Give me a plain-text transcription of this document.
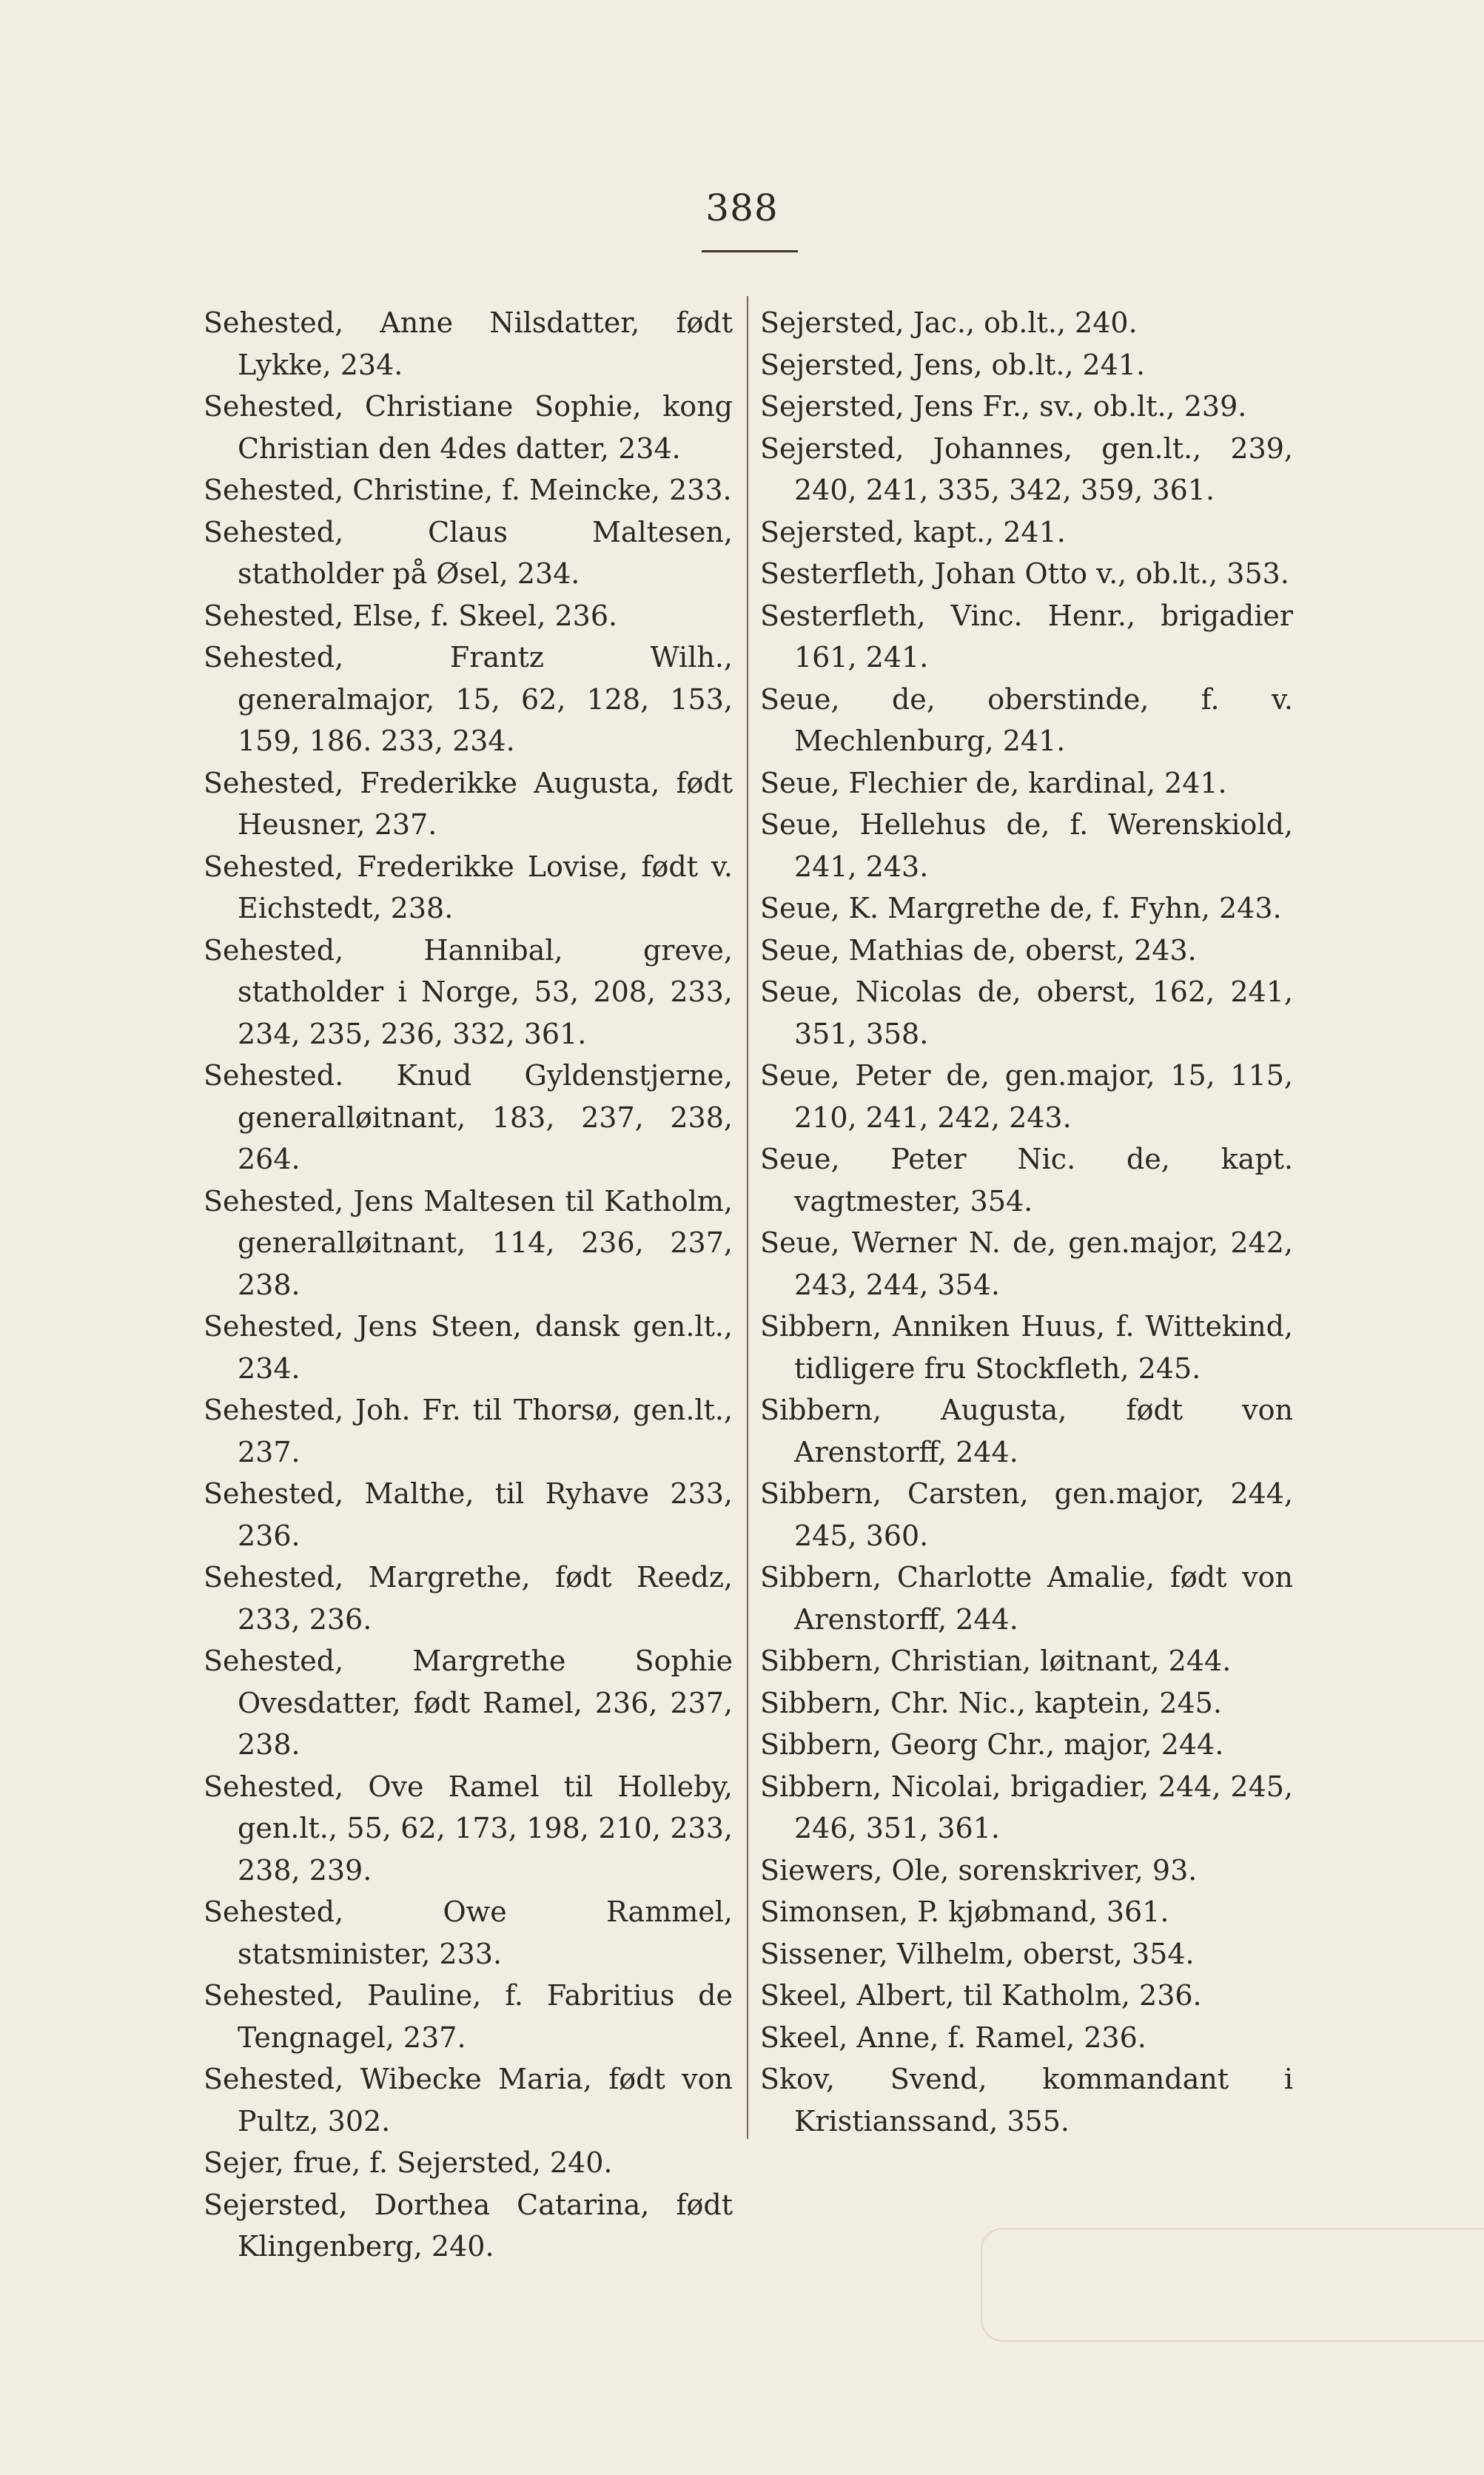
388

Sehested, Anne Nilsdatter, født Lykke, 234.

Sehested, Christiane Sophie, kong Christian den 4des datter, 234.

Sehested, Christine, f. Meincke, 233.

Sehested, Claus Maltesen, statholder på Øsel, 234.

Sehested, Else, f. Skeel, 236.

Sehested, Frantz Wilh., generalmajor, 15, 62, 128, 153, 159, 186. 233, 234.

Sehested, Frederikke Augusta, født Heusner, 237.

Sehested, Frederikke Lovise, født v. Eichstedt, 238.

Sehested, Hannibal, greve, statholder i Norge, 53, 208, 233, 234, 235, 236, 332, 361.

Sehested. Knud Gyldenstjerne, generalløitnant, 183, 237, 238, 264.

Sehested, Jens Maltesen til Katholm, generalløitnant, 114, 236, 237, 238.

Sehested, Jens Steen, dansk gen.lt., 234.

Sehested, Joh. Fr. til Thorsø, gen.lt., 237.

Sehested, Malthe, til Ryhave 233, 236.

Sehested, Margrethe, født Reedz, 233, 236.

Sehested, Margrethe Sophie Ovesdatter, født Ramel, 236, 237, 238.

Sehested, Ove Ramel til Holleby, gen.lt., 55, 62, 173, 198, 210, 233, 238, 239.

Sehested, Owe Rammel, statsminister, 233.

Sehested, Pauline, f. Fabritius de Tengnagel, 237.

Sehested, Wibecke Maria, født von Pultz, 302.

Sejer, frue, f. Sejersted, 240.

Sejersted, Dorthea Catarina, født Klingenberg, 240.

Sejersted, Jac., ob.lt., 240.

Sejersted, Jens, ob.lt., 241.

Sejersted, Jens Fr., sv., ob.lt., 239.

Sejersted, Johannes, gen.lt., 239, 240, 241, 335, 342, 359, 361.

Sejersted, kapt., 241.

Sesterfleth, Johan Otto v., ob.lt., 353.

Sesterfleth, Vinc. Henr., brigadier 161, 241.

Seue, de, oberstinde, f. v. Mechlenburg, 241.

Seue, Flechier de, kardinal, 241.

Seue, Hellehus de, f. Werenskiold, 241, 243.

Seue, K. Margrethe de, f. Fyhn, 243.

Seue, Mathias de, oberst, 243.

Seue, Nicolas de, oberst, 162, 241, 351, 358.

Seue, Peter de, gen.major, 15, 115, 210, 241, 242, 243.

Seue, Peter Nic. de, kapt. vagtmester, 354.

Seue, Werner N. de, gen.major, 242, 243, 244, 354.

Sibbern, Anniken Huus, f. Wittekind, tidligere fru Stockfleth, 245.

Sibbern, Augusta, født von Arenstorff, 244.

Sibbern, Carsten, gen.major, 244, 245, 360.

Sibbern, Charlotte Amalie, født von Arenstorff, 244.

Sibbern, Christian, løitnant, 244.

Sibbern, Chr. Nic., kaptein, 245.

Sibbern, Georg Chr., major, 244.

Sibbern, Nicolai, brigadier, 244, 245, 246, 351, 361.

Siewers, Ole, sorenskriver, 93.

Simonsen, P. kjøbmand, 361.

Sissener, Vilhelm, oberst, 354.

Skeel, Albert, til Katholm, 236.

Skeel, Anne, f. Ramel, 236.

Skov, Svend, kommandant i Kristianssand, 355.
